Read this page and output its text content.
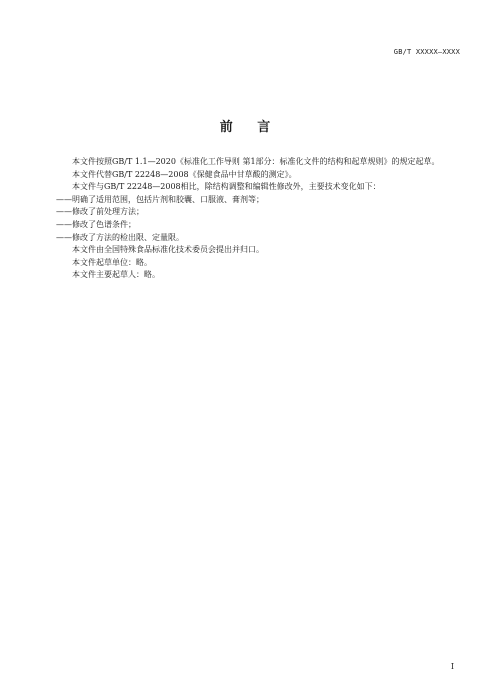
GB/T XXXXX—XXXX
前 言

本文件按照GB/T 1.1—2020《标准化工作导则 第1部分：标准化文件的结构和起草规则》的规定起草。

本文件代替GB/T 22248—2008《保健食品中甘草酸的测定》。

本文件与GB/T 22248—2008相比，除结构调整和编辑性修改外，主要技术变化如下：

——明确了适用范围，包括片剂和胶囊、口服液、膏剂等；

——修改了前处理方法；

——修改了色谱条件；

——修改了方法的检出限、定量限。

本文件由全国特殊食品标准化技术委员会提出并归口。

本文件起草单位：略。

本文件主要起草人：略。

I
